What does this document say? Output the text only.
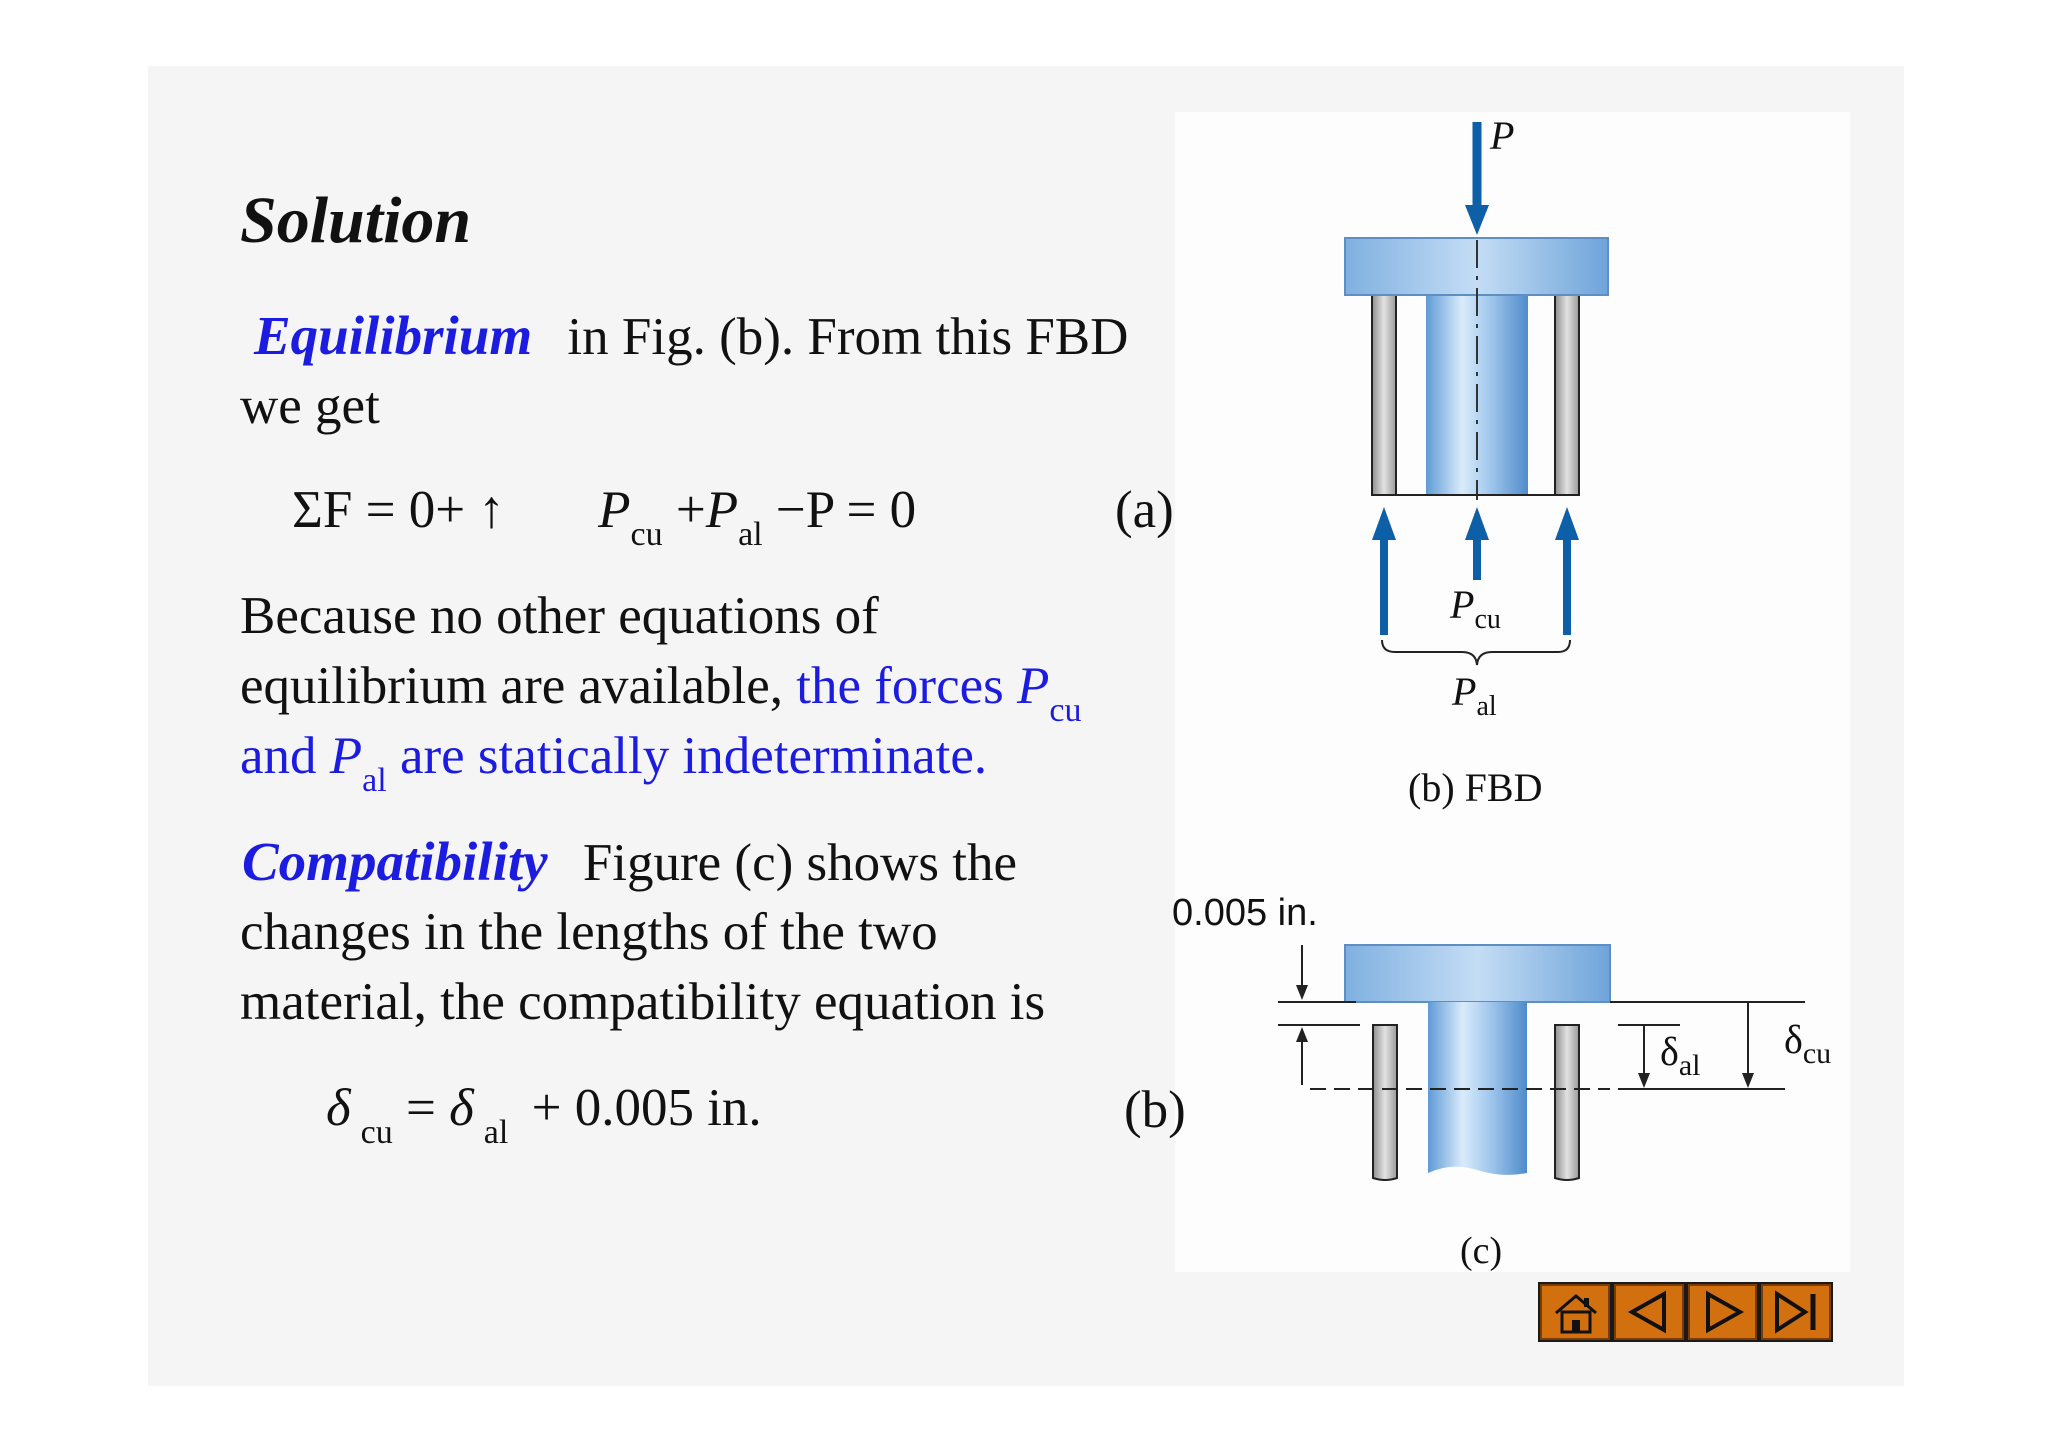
Solution
Equilibrium in Fig. (b). From this FBD
we get
ΣF = 0+ ↑ $P_{cu} +P_{al} -P = 0$	(a)
Because no other equations of
equilibrium are available, the forces $P_{cu}$
and $P_{al}$ are statically indeterminate.
Compatibility Figure (c) shows the
changes in the lengths of the two
material, the compatibility equation is
δ $_{cu}$ = δ $_{al}$ + 0.005 in.	(b)
P
$P_{cu}$
$P_{al}$
(b) FBD
0.005 in.
$\delta_{al}$
$\delta_{cu}$
(c)
